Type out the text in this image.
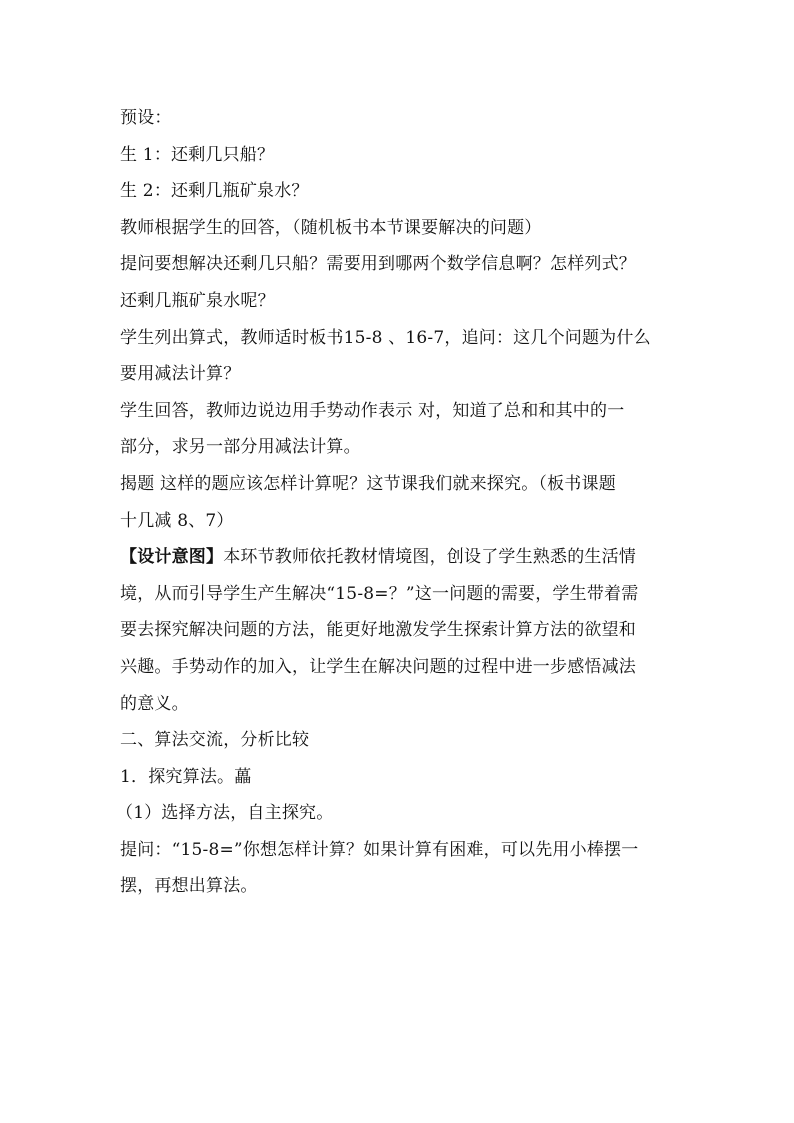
预设：
生 1：还剩几只船？
生 2：还剩几瓶矿泉水？
教师根据学生的回答，（随机板书本节课要解决的问题）
提问要想解决还剩几只船？需要用到哪两个数学信息啊？怎样列式？
还剩几瓶矿泉水呢？
学生列出算式，教师适时板书15-8 、16-7，追问：这几个问题为什么
要用减法计算？
学生回答，教师边说边用手势动作表示 对，知道了总和和其中的一
部分，求另一部分用减法计算。
揭题 这样的题应该怎样计算呢？这节课我们就来探究。（板书课题
十几减 8、7）
【设计意图】本环节教师依托教材情境图，创设了学生熟悉的生活情
境，从而引导学生产生解决“15-8=？”这一问题的需要，学生带着需
要去探究解决问题的方法，能更好地激发学生探索计算方法的欲望和
兴趣。手势动作的加入，让学生在解决问题的过程中进一步感悟减法
的意义。
二、算法交流，分析比较
1．探究算法。藟
（1）选择方法，自主探究。
提问：“15-8=”你想怎样计算？如果计算有困难，可以先用小棒摆一
摆，再想出算法。
